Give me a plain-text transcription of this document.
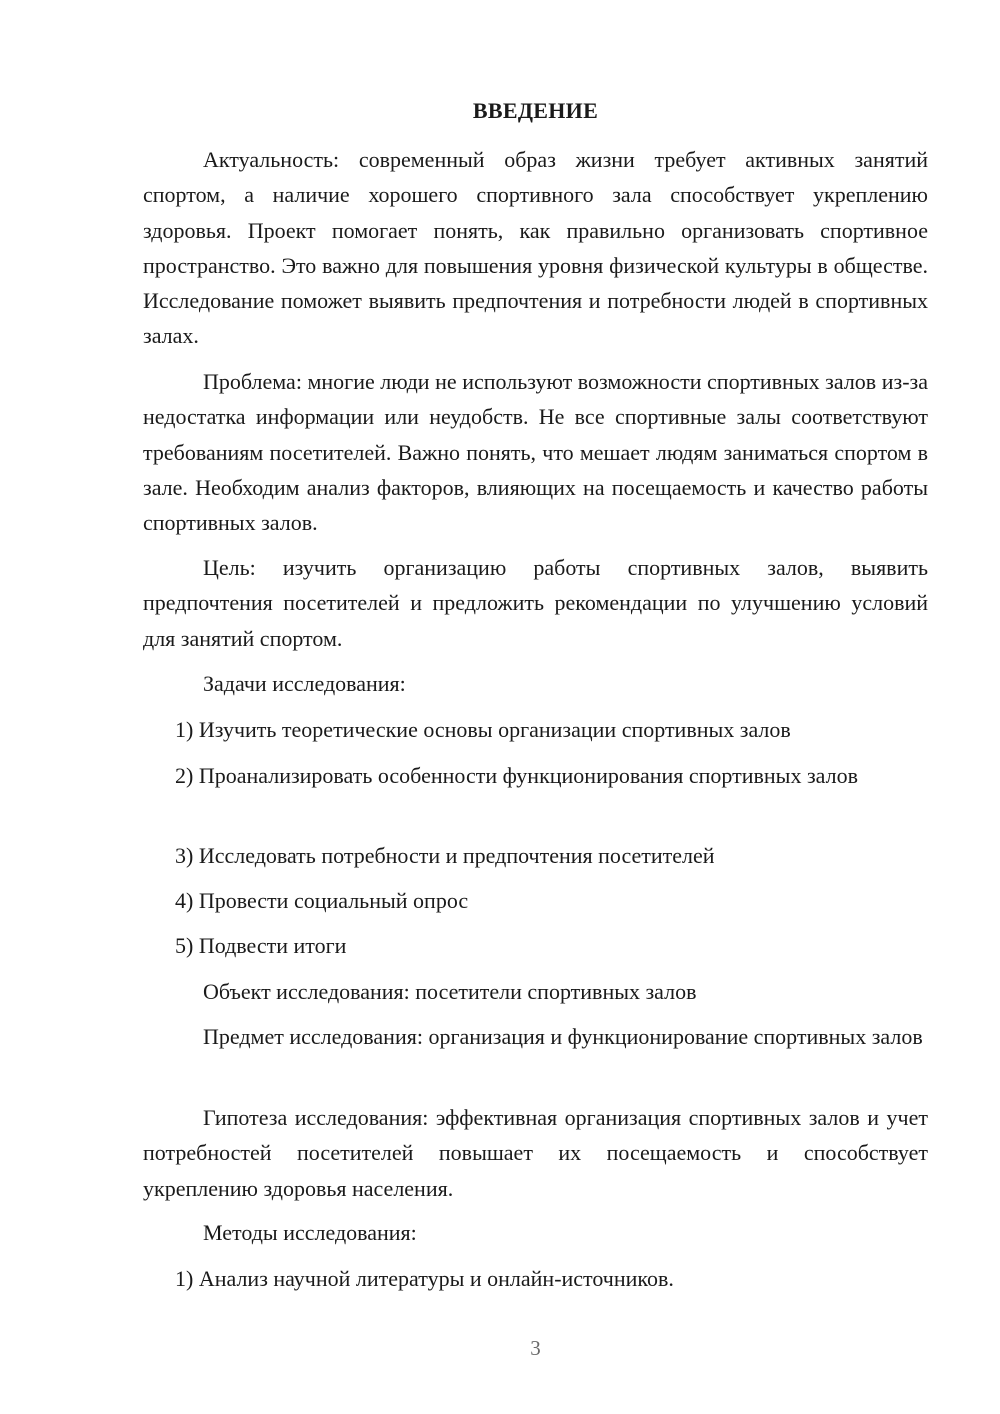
ВВЕДЕНИЕ

Актуальность: современный образ жизни требует активных занятий спортом, а наличие хорошего спортивного зала способствует укреплению здоровья. Проект помогает понять, как правильно организовать спортивное пространство. Это важно для повышения уровня физической культуры в обществе. Исследование поможет выявить предпочтения и потребности людей в спортивных залах.

Проблема: многие люди не используют возможности спортивных залов из-за недостатка информации или неудобств. Не все спортивные залы соответствуют требованиям посетителей. Важно понять, что мешает людям заниматься спортом в зале. Необходим анализ факторов, влияющих на посещаемость и качество работы спортивных залов.

Цель: изучить организацию работы спортивных залов, выявить предпочтения посетителей и предложить рекомендации по улучшению условий для занятий спортом.

Задачи исследования:

1) Изучить теоретические основы организации спортивных залов

2) Проанализировать особенности функционирования спортивных залов

3) Исследовать потребности и предпочтения посетителей

4) Провести социальный опрос

5) Подвести итоги

Объект исследования: посетители спортивных залов

Предмет исследования: организация и функционирование спортивных залов

Гипотеза исследования: эффективная организация спортивных залов и учет потребностей посетителей повышает их посещаемость и способствует укреплению здоровья населения.

Методы исследования:

1) Анализ научной литературы и онлайн-источников.

3
